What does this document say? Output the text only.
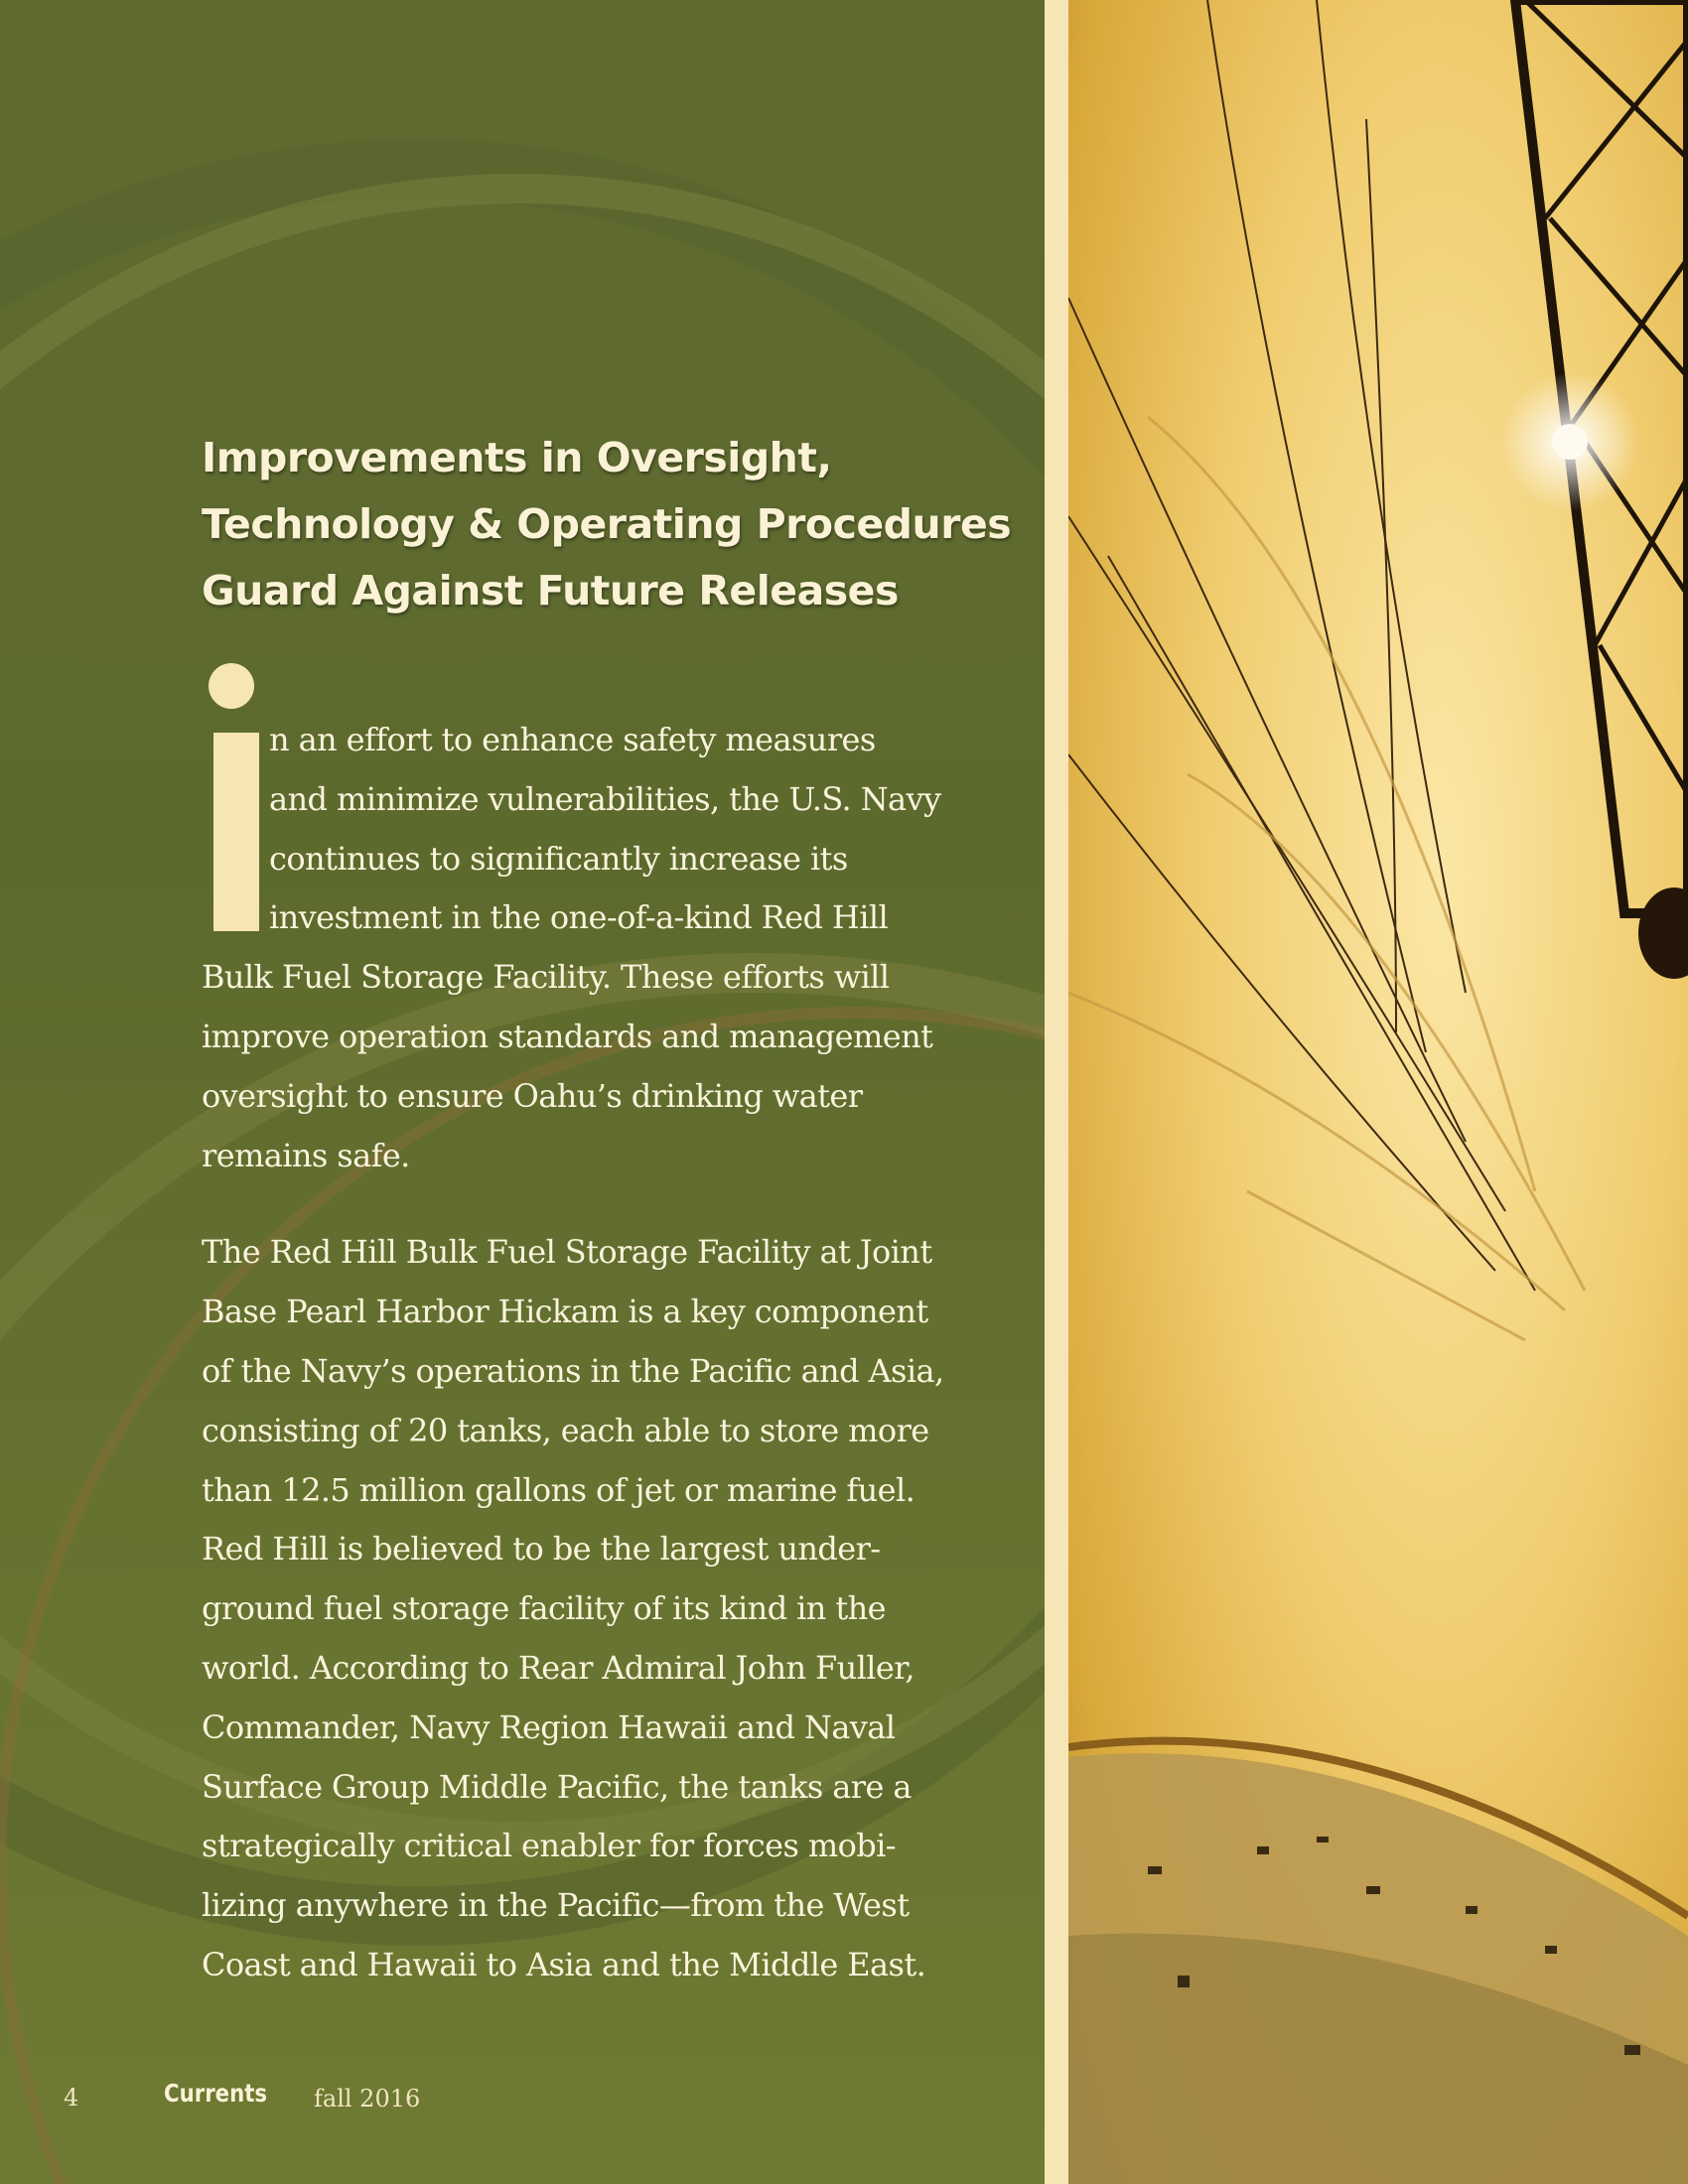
Improvements in Oversight,
Technology & Operating Procedures
Guard Against Future Releases

n an effort to enhance safety measures
and minimize vulnerabilities, the U.S. Navy
continues to significantly increase its
investment in the one-of-a-kind Red Hill
Bulk Fuel Storage Facility. These efforts will
improve operation standards and management
oversight to ensure Oahu’s drinking water
remains safe.

The Red Hill Bulk Fuel Storage Facility at Joint
Base Pearl Harbor Hickam is a key component
of the Navy’s operations in the Pacific and Asia,
consisting of 20 tanks, each able to store more
than 12.5 million gallons of jet or marine fuel.
Red Hill is believed to be the largest under-
ground fuel storage facility of its kind in the
world. According to Rear Admiral John Fuller,
Commander, Navy Region Hawaii and Naval
Surface Group Middle Pacific, the tanks are a
strategically critical enabler for forces mobi-
lizing anywhere in the Pacific—from the West
Coast and Hawaii to Asia and the Middle East.

4	Currents fall 2016
